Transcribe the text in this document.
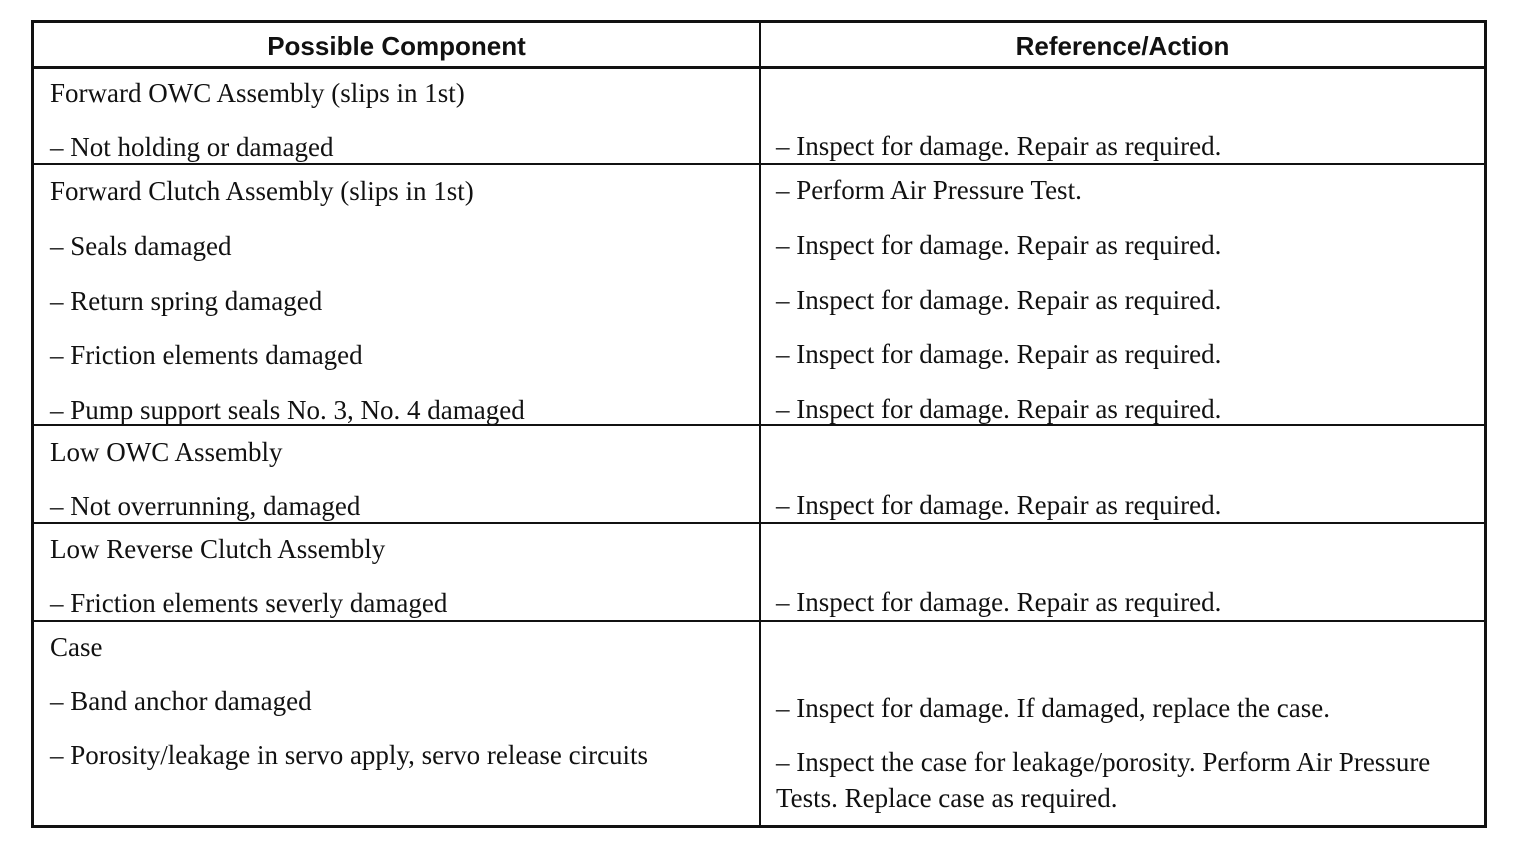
Possible Component	Reference/Action
Forward OWC Assembly (slips in 1st)
– Not holding or damaged	– Inspect for damage. Repair as required.
Forward Clutch Assembly (slips in 1st)	– Perform Air Pressure Test.
– Seals damaged	– Inspect for damage. Repair as required.
– Return spring damaged	– Inspect for damage. Repair as required.
– Friction elements damaged	– Inspect for damage. Repair as required.
– Pump support seals No. 3, No. 4 damaged	– Inspect for damage. Repair as required.
Low OWC Assembly
– Not overrunning, damaged	– Inspect for damage. Repair as required.
Low Reverse Clutch Assembly
– Friction elements severly damaged	– Inspect for damage. Repair as required.
Case
– Band anchor damaged	– Inspect for damage. If damaged, replace the case.
– Porosity/leakage in servo apply, servo release circuits	– Inspect the case for leakage/porosity. Perform Air Pressure Tests. Replace case as required.
